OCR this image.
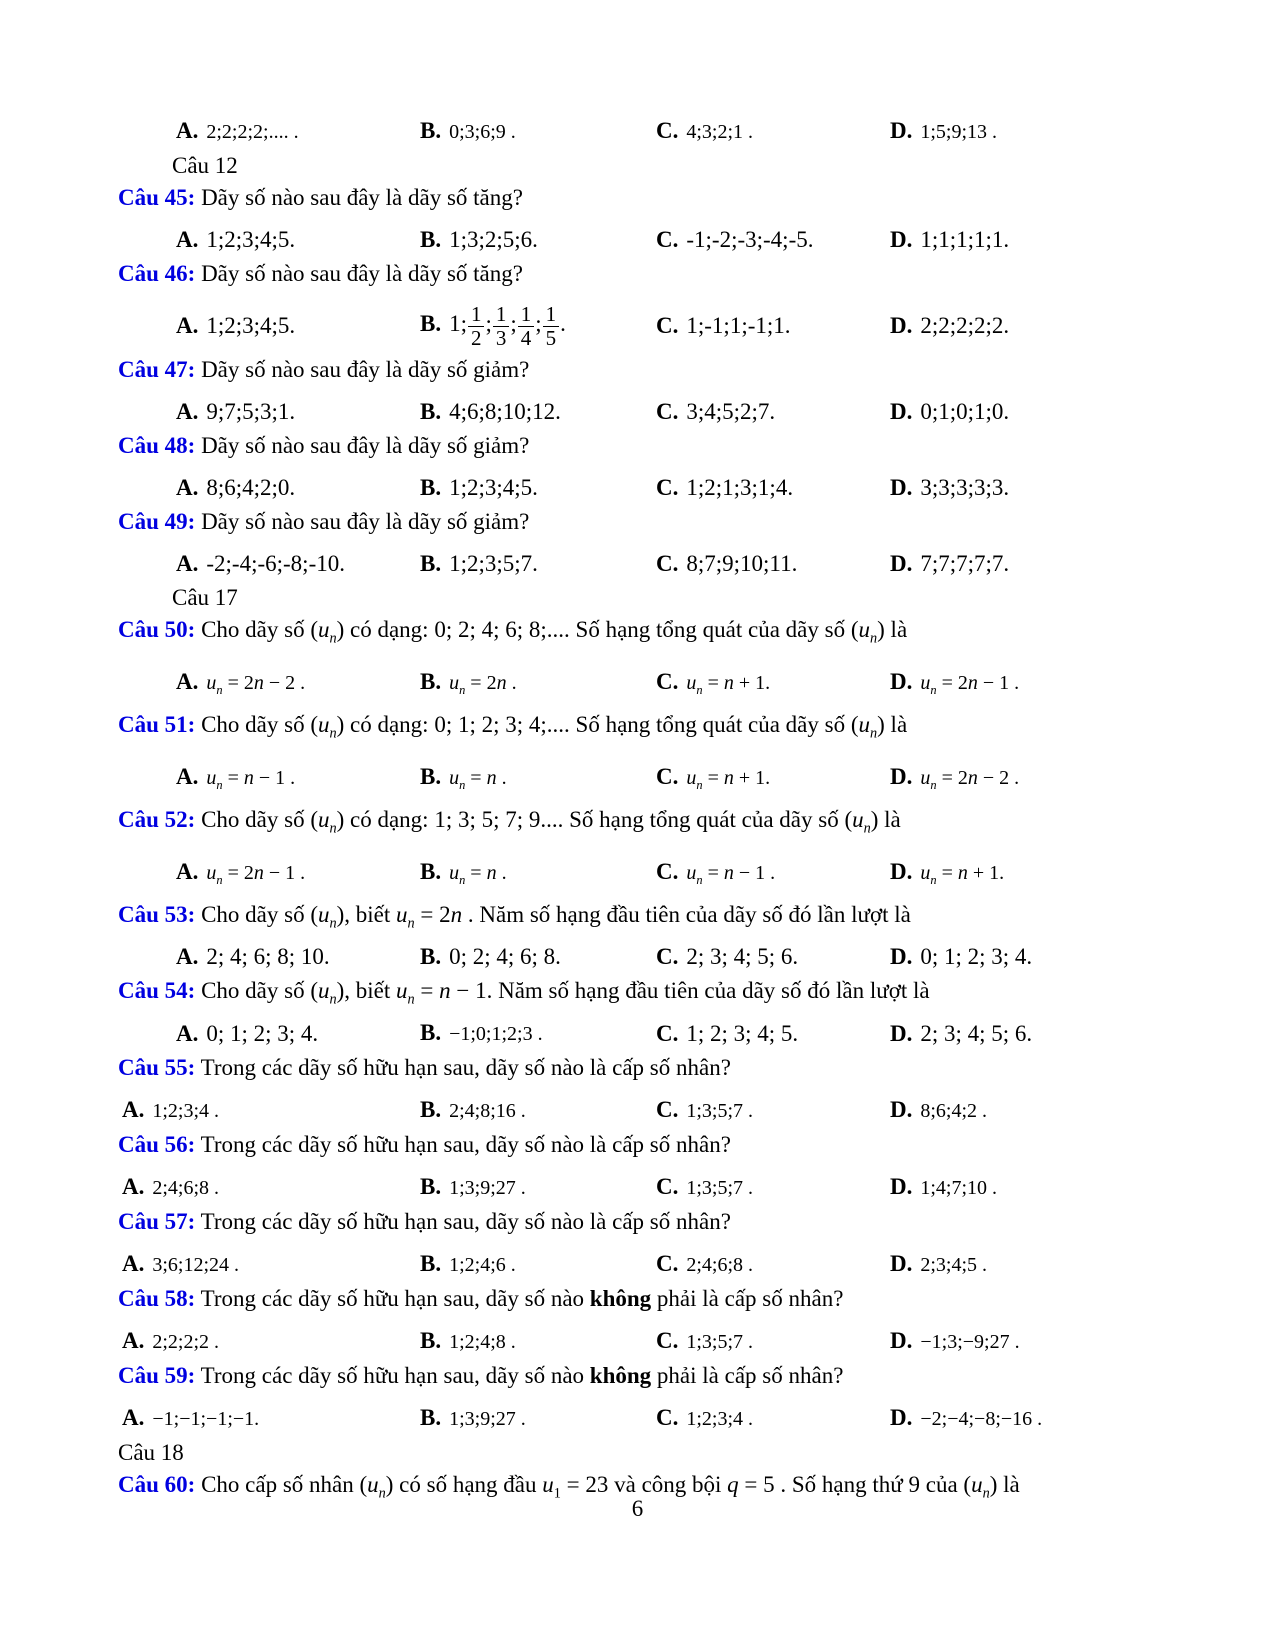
A. 2;2;2;2;.... .	B. 0;3;6;9 .	C. 4;3;2;1 .	D. 1;5;9;13 .
Câu 12
Câu 45: Dãy số nào sau đây là dãy số tăng?
A. 1;2;3;4;5.	B. 1;3;2;5;6.	C. -1;-2;-3;-4;-5.	D. 1;1;1;1;1.
Câu 46: Dãy số nào sau đây là dãy số tăng?
A. 1;2;3;4;5.	B. 1; $\frac{1}{2}$ ; $\frac{1}{3}$ ; $\frac{1}{4}$ ; $\frac{1}{5}$ .	C. 1;-1;1;-1;1.	D. 2;2;2;2;2.
Câu 47: Dãy số nào sau đây là dãy số giảm?
A. 9;7;5;3;1.	B. 4;6;8;10;12.	C. 3;4;5;2;7.	D. 0;1;0;1;0.
Câu 48: Dãy số nào sau đây là dãy số giảm?
A. 8;6;4;2;0.	B. 1;2;3;4;5.	C. 1;2;1;3;1;4.	D. 3;3;3;3;3.
Câu 49: Dãy số nào sau đây là dãy số giảm?
A. -2;-4;-6;-8;-10.	B. 1;2;3;5;7.	C. 8;7;9;10;11.	D. 7;7;7;7;7.
Câu 17
Câu 50: Cho dãy số $(u_n)$ có dạng: 0; 2; 4; 6; 8;.... Số hạng tổng quát của dãy số $(u_n)$ là
A. $u_n = 2n - 2$ .	B. $u_n = 2n$ .	C. $u_n = n + 1$.	D. $u_n = 2n - 1$ .
Câu 51: Cho dãy số $(u_n)$ có dạng: 0; 1; 2; 3; 4;.... Số hạng tổng quát của dãy số $(u_n)$ là
A. $u_n = n - 1$ .	B. $u_n = n$ .	C. $u_n = n + 1$.	D. $u_n = 2n - 2$ .
Câu 52: Cho dãy số $(u_n)$ có dạng: 1; 3; 5; 7; 9.... Số hạng tổng quát của dãy số $(u_n)$ là
A. $u_n = 2n - 1$ .	B. $u_n = n$ .	C. $u_n = n - 1$ .	D. $u_n = n + 1$.
Câu 53: Cho dãy số $(u_n)$, biết $u_n = 2n$ . Năm số hạng đầu tiên của dãy số đó lần lượt là
A. 2; 4; 6; 8; 10.	B. 0; 2; 4; 6; 8.	C. 2; 3; 4; 5; 6.	D. 0; 1; 2; 3; 4.
Câu 54: Cho dãy số $(u_n)$, biết $u_n = n - 1$. Năm số hạng đầu tiên của dãy số đó lần lượt là
A. 0; 1; 2; 3; 4.	B. −1;0;1;2;3 .	C. 1; 2; 3; 4; 5.	D. 2; 3; 4; 5; 6.
Câu 55: Trong các dãy số hữu hạn sau, dãy số nào là cấp số nhân?
A. 1;2;3;4 .	B. 2;4;8;16 .	C. 1;3;5;7 .	D. 8;6;4;2 .
Câu 56: Trong các dãy số hữu hạn sau, dãy số nào là cấp số nhân?
A. 2;4;6;8 .	B. 1;3;9;27 .	C. 1;3;5;7 .	D. 1;4;7;10 .
Câu 57: Trong các dãy số hữu hạn sau, dãy số nào là cấp số nhân?
A. 3;6;12;24 .	B. 1;2;4;6 .	C. 2;4;6;8 .	D. 2;3;4;5 .
Câu 58: Trong các dãy số hữu hạn sau, dãy số nào không phải là cấp số nhân?
A. 2;2;2;2 .	B. 1;2;4;8 .	C. 1;3;5;7 .	D. −1;3;−9;27 .
Câu 59: Trong các dãy số hữu hạn sau, dãy số nào không phải là cấp số nhân?
A. −1;−1;−1;−1.	B. 1;3;9;27 .	C. 1;2;3;4 .	D. −2;−4;−8;−16 .
Câu 18
Câu 60: Cho cấp số nhân $(u_n)$ có số hạng đầu $u_1 = 23$ và công bội q = 5 . Số hạng thứ 9 của $(u_n)$ là
6
